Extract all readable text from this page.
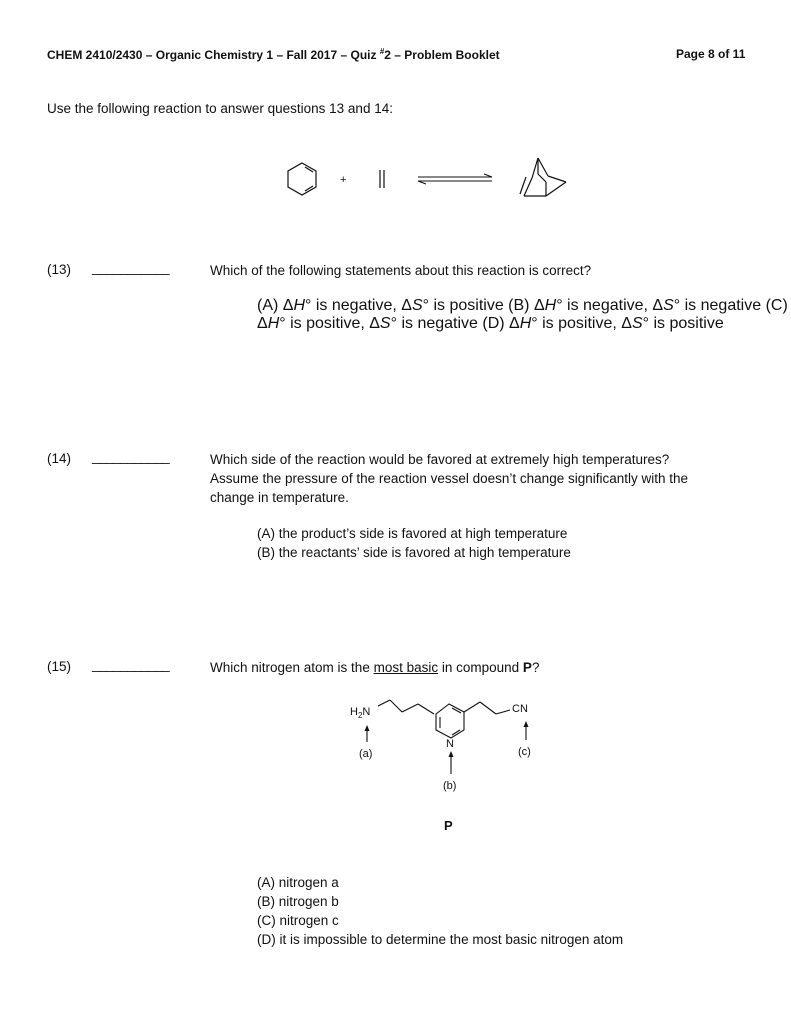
CHEM 2410/2430 – Organic Chemistry 1 – Fall 2017 – Quiz #2 – Problem Booklet	Page 8 of 11
Use the following reaction to answer questions 13 and 14:
+
(13) ___________	Which of the following statements about this reaction is correct?
(A) ΔH° is negative, ΔS° is positive (B) ΔH° is negative, ΔS° is negative (C) ΔH° is positive, ΔS° is negative (D) ΔH° is positive, ΔS° is positive
(14) ___________	Which side of the reaction would be favored at extremely high temperatures?

Assume the pressure of the reaction vessel doesn’t change significantly with the

change in temperature.

(A) the product’s side is favored at high temperature

(B) the reactants’ side is favored at high temperature

(15) ___________	Which nitrogen atom is the most basic in compound P?
$H_2N$	CN
N
(a)
(b)
(c)
P

(A) nitrogen a

(B) nitrogen b

(C) nitrogen c

(D) it is impossible to determine the most basic nitrogen atom
